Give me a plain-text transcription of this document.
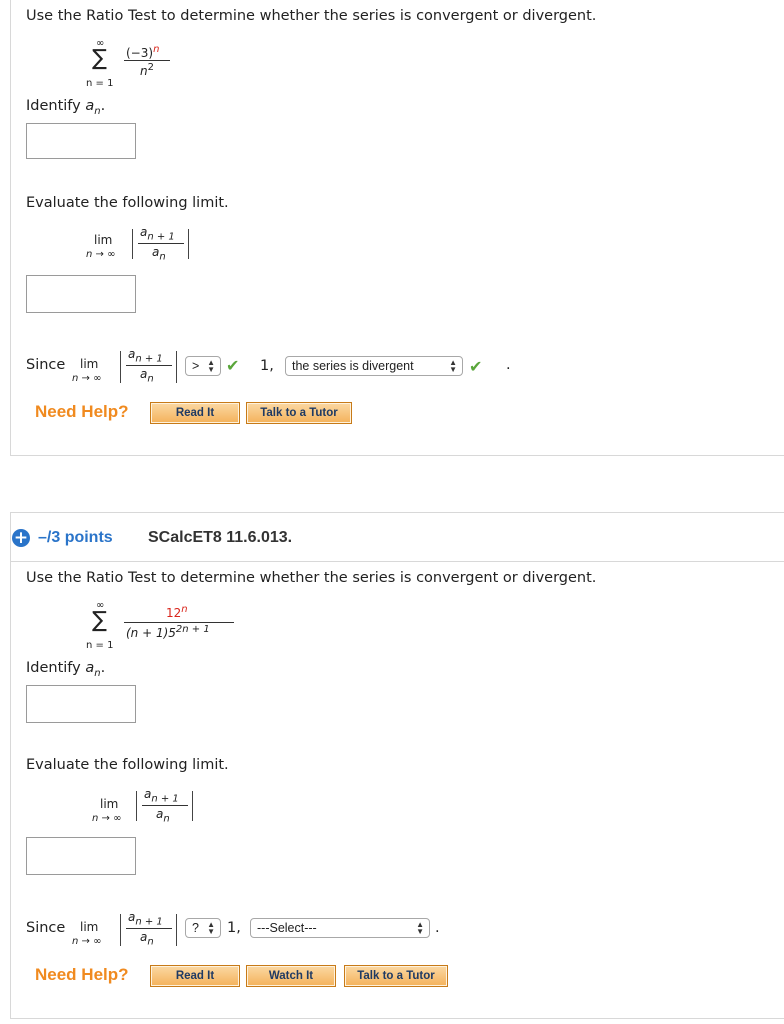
Use the Ratio Test to determine whether the series is convergent or divergent.
∞
∑
n = 1
$(-3)^n$
$n^2$
Identify $a_n$.
Evaluate the following limit.
lim
n → ∞
$a_{n + 1}$
$a_n$
Since lim
n → ∞
$a_{n + 1}$
$a_n$
> ▲
▼ ✔ 1, the series is divergent	▲
▼ ✔ .
Need Help?	Read It	Talk to a Tutor
+ –/3 points SCalcET8 11.6.013.
Use the Ratio Test to determine whether the series is convergent or divergent.
∞
∑
n = 1
12$^n$
$(n + 1)5^{2n + 1}$
Identify $a_n$.
Evaluate the following limit.
lim
n → ∞
$a_{n + 1}$
$a_n$
Since lim
n → ∞
$a_{n + 1}$
$a_n$
? ▲
▼ 1, ---Select---	▲
▼ .
Need Help?	Read It	Watch It	Talk to a Tutor
